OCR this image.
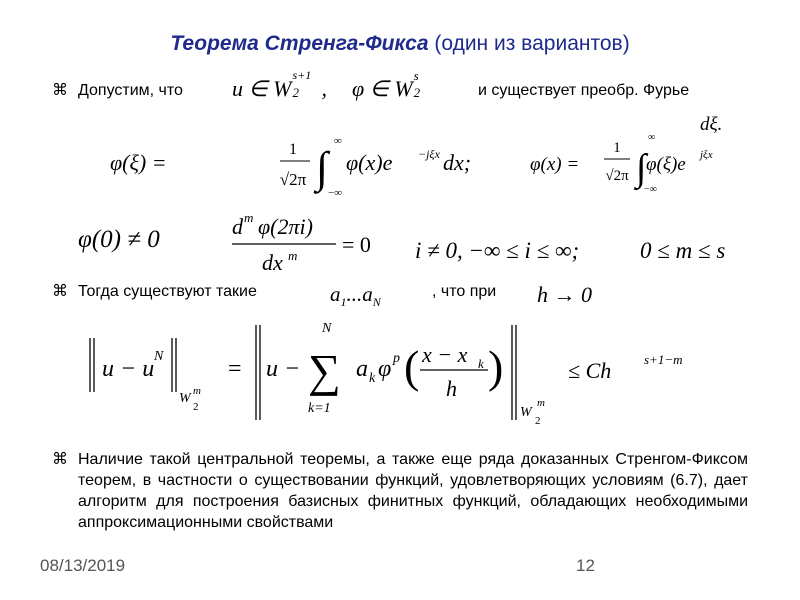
Теорема Стренга-Фикса (один из вариантов)
⌘ Допустим, что u ∈ W
s+1
2 , φ ∈ W
s
2	и существует преобр. Фурье
φ(ξ) =
1
√2π ∫
∞
−∞
φ(x)e −jξx dx;	φ(x) =
1
√2π ∫
∞
−∞
φ(ξ)e jξx
dξ.
φ(0) ≠ 0	d m φ(2πi)
dx m = 0 i ≠ 0, −∞ ≤ i ≤ ∞;	0 ≤ m ≤ s
⌘ Тогда существуют такие	$a_1...a_N$
, что при h → 0
u − u N
W
2
m
= u −
N
∑
k=1
a k φ p ( x − x k
h )
W
2
m
≤ Ch	s+1−m
⌘ Наличие такой центральной теоремы, а также еще ряда доказанных Стренгом-Фиксом теорем, в частности о существовании функций, удовлетворяющих условиям (6.7), дает алгоритм для построения базисных финитных функций, обладающих необходимыми аппроксимационными свойствами
08/13/2019	12
